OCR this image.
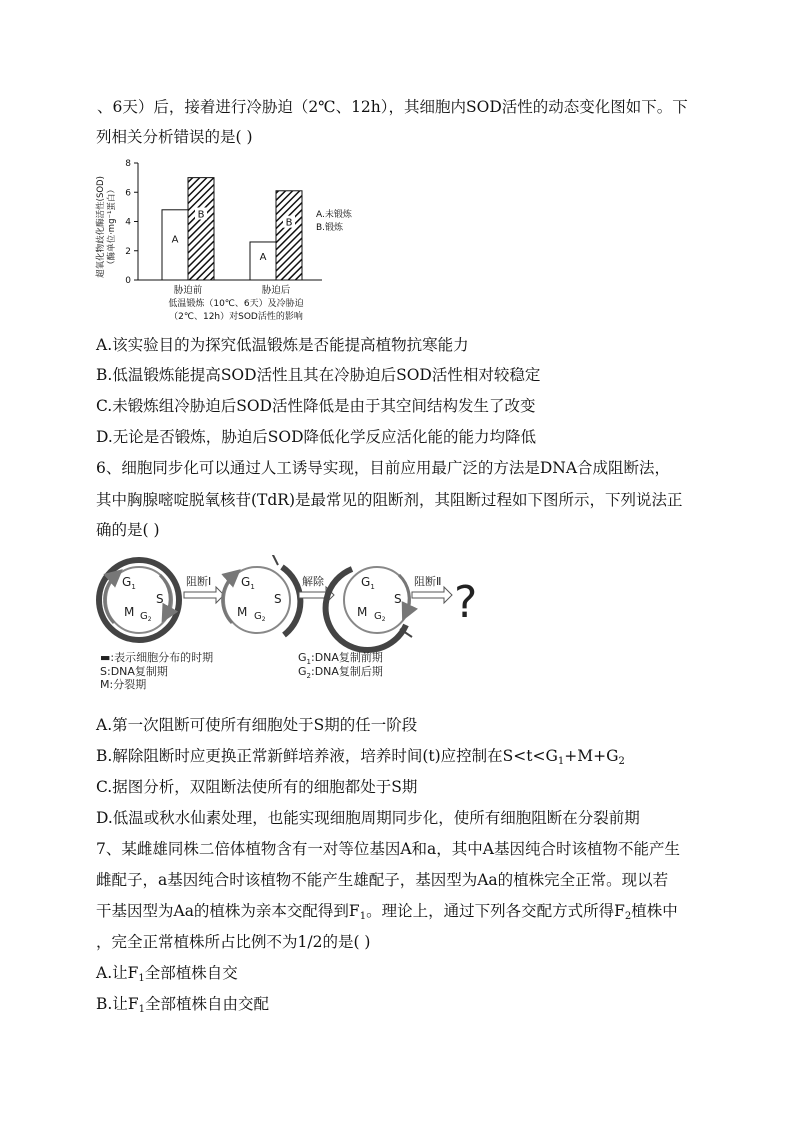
、6天）后，接着进行冷胁迫（2℃、12h），其细胞内SOD活性的动态变化图如下。下
列相关分析错误的是( )
超氧化物歧化酶活性(SOD) （酶单位·mg⁻¹蛋白）
0
2
4
6
8
A
B
A
B
胁迫前	胁迫后
A.未锻炼
B.锻炼
低温锻炼（10℃、6天）及冷胁迫
（2℃、12h）对SOD活性的影响
A.该实验目的为探究低温锻炼是否能提高植物抗寒能力
B.低温锻炼能提高SOD活性且其在冷胁迫后SOD活性相对较稳定
C.未锻炼组冷胁迫后SOD活性降低是由于其空间结构发生了改变
D.无论是否锻炼，胁迫后SOD降低化学反应活化能的能力均降低
6、细胞同步化可以通过人工诱导实现，目前应用最广泛的方法是DNA合成阻断法，
其中胸腺嘧啶脱氧核苷(TdR)是最常见的阻断剂，其阻断过程如下图所示，下列说法正
确的是( )
$G_1$
S
M $G_2$
阻断Ⅰ $G_1$
S
M $G_2$
解除	$G_1$
S
M $G_2$
阻断Ⅱ ?
▬:表示细胞分布的时期
S:DNA复制期
M:分裂期
$G_1:DNA$复制前期
$G_2:DNA$复制后期
A.第一次阻断可使所有细胞处于S期的任一阶段
B.解除阻断时应更换正常新鲜培养液，培养时间(t)应控制在$S<t<G_1+M+G_2$
C.据图分析，双阻断法使所有的细胞都处于S期
D.低温或秋水仙素处理，也能实现细胞周期同步化，使所有细胞阻断在分裂前期
7、某雌雄同株二倍体植物含有一对等位基因A和a，其中A基因纯合时该植物不能产生
雌配子，a基因纯合时该植物不能产生雄配子，基因型为Aa的植株完全正常。现以若
干基因型为Aa的植株为亲本交配得到$F_1$。理论上，通过下列各交配方式所得$F_2$植株中
，完全正常植株所占比例不为1/2的是( )
A.让$F_1$全部植株自交
B.让$F_1$全部植株自由交配
